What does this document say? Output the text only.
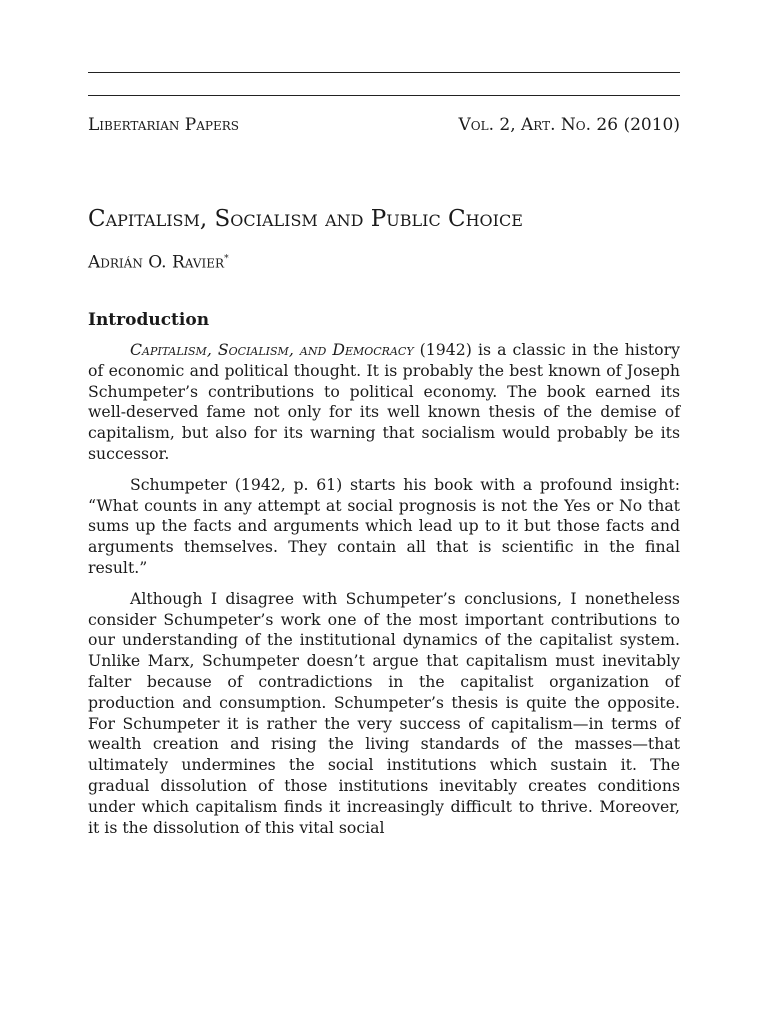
Libertarian Papers	Vol. 2, Art. No. 26 (2010)
Capitalism, Socialism and Public Choice
Adrián O. Ravier*
Introduction

Capitalism, Socialism, and Democracy (1942) is a classic in the history of economic and political thought. It is probably the best known of Joseph Schumpeter’s contributions to political economy. The book earned its well-deserved fame not only for its well known thesis of the demise of capitalism, but also for its warning that socialism would probably be its successor.

Schumpeter (1942, p. 61) starts his book with a profound insight: “What counts in any attempt at social prognosis is not the Yes or No that sums up the facts and arguments which lead up to it but those facts and arguments themselves. They contain all that is scientific in the final result.”

Although I disagree with Schumpeter’s conclusions, I nonetheless consider Schumpeter’s work one of the most important contributions to our understanding of the institutional dynamics of the capitalist system. Unlike Marx, Schumpeter doesn’t argue that capitalism must inevitably falter because of contradictions in the capitalist organization of production and consumption. Schumpeter’s thesis is quite the opposite. For Schumpeter it is rather the very success of capitalism—in terms of wealth creation and rising the living standards of the masses—that ultimately undermines the social institutions which sustain it. The gradual dissolution of those institutions inevitably creates conditions under which capitalism finds it increasingly difficult to thrive. Moreover, it is the dissolution of this vital social
